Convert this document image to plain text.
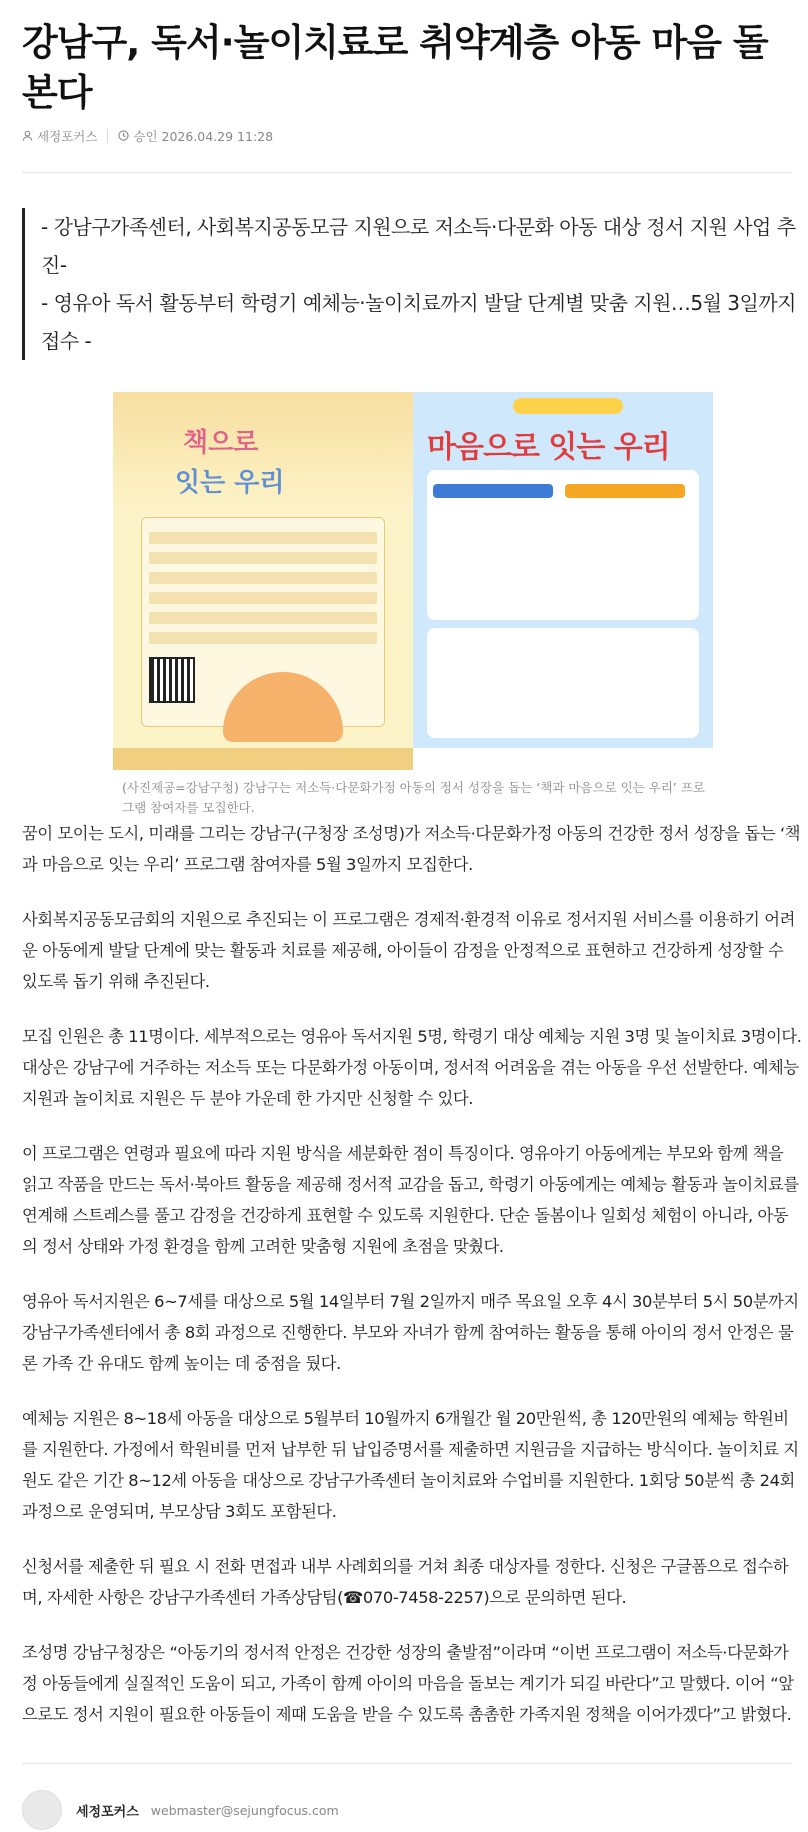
강남구, 독서·놀이치료로 취약계층 아동 마음 돌본다
세정포커스	승인 2026.04.29 11:28

- 강남구가족센터, 사회복지공동모금 지원으로 저소득·다문화 아동 대상 정서 지원 사업 추진-

- 영유아 독서 활동부터 학령기 예체능·놀이치료까지 발달 단계별 맞춤 지원…5월 3일까지 접수 -

책으로
잇는 우리
마음으로 잇는 우리
(사진제공=강남구청) 강남구는 저소득·다문화가정 아동의 정서 성장을 돕는 ‘책과 마음으로 잇는 우리’ 프로그램 참여자를 모집한다.

꿈이 모이는 도시, 미래를 그리는 강남구(구청장 조성명)가 저소득·다문화가정 아동의 건강한 정서 성장을 돕는 ‘책과 마음으로 잇는 우리’ 프로그램 참여자를 5월 3일까지 모집한다.

사회복지공동모금회의 지원으로 추진되는 이 프로그램은 경제적·환경적 이유로 정서지원 서비스를 이용하기 어려운 아동에게 발달 단계에 맞는 활동과 치료를 제공해, 아이들이 감정을 안정적으로 표현하고 건강하게 성장할 수 있도록 돕기 위해 추진된다.

모집 인원은 총 11명이다. 세부적으로는 영유아 독서지원 5명, 학령기 대상 예체능 지원 3명 및 놀이치료 3명이다. 대상은 강남구에 거주하는 저소득 또는 다문화가정 아동이며, 정서적 어려움을 겪는 아동을 우선 선발한다. 예체능 지원과 놀이치료 지원은 두 분야 가운데 한 가지만 신청할 수 있다.

이 프로그램은 연령과 필요에 따라 지원 방식을 세분화한 점이 특징이다. 영유아기 아동에게는 부모와 함께 책을 읽고 작품을 만드는 독서·북아트 활동을 제공해 정서적 교감을 돕고, 학령기 아동에게는 예체능 활동과 놀이치료를 연계해 스트레스를 풀고 감정을 건강하게 표현할 수 있도록 지원한다. 단순 돌봄이나 일회성 체험이 아니라, 아동의 정서 상태와 가정 환경을 함께 고려한 맞춤형 지원에 초점을 맞췄다.

영유아 독서지원은 6~7세를 대상으로 5월 14일부터 7월 2일까지 매주 목요일 오후 4시 30분부터 5시 50분까지 강남구가족센터에서 총 8회 과정으로 진행한다. 부모와 자녀가 함께 참여하는 활동을 통해 아이의 정서 안정은 물론 가족 간 유대도 함께 높이는 데 중점을 뒀다.

예체능 지원은 8~18세 아동을 대상으로 5월부터 10월까지 6개월간 월 20만원씩, 총 120만원의 예체능 학원비를 지원한다. 가정에서 학원비를 먼저 납부한 뒤 납입증명서를 제출하면 지원금을 지급하는 방식이다. 놀이치료 지원도 같은 기간 8~12세 아동을 대상으로 강남구가족센터 놀이치료와 수업비를 지원한다. 1회당 50분씩 총 24회 과정으로 운영되며, 부모상담 3회도 포함된다.

신청서를 제출한 뒤 필요 시 전화 면접과 내부 사례회의를 거쳐 최종 대상자를 정한다. 신청은 구글폼으로 접수하며, 자세한 사항은 강남구가족센터 가족상담팀(☎070-7458-2257)으로 문의하면 된다.

조성명 강남구청장은 “아동기의 정서적 안정은 건강한 성장의 출발점”이라며 “이번 프로그램이 저소득·다문화가정 아동들에게 실질적인 도움이 되고, 가족이 함께 아이의 마음을 돌보는 계기가 되길 바란다”고 말했다. 이어 “앞으로도 정서 지원이 필요한 아동들이 제때 도움을 받을 수 있도록 촘촘한 가족지원 정책을 이어가겠다”고 밝혔다.

세정포커스 webmaster@sejungfocus.com
